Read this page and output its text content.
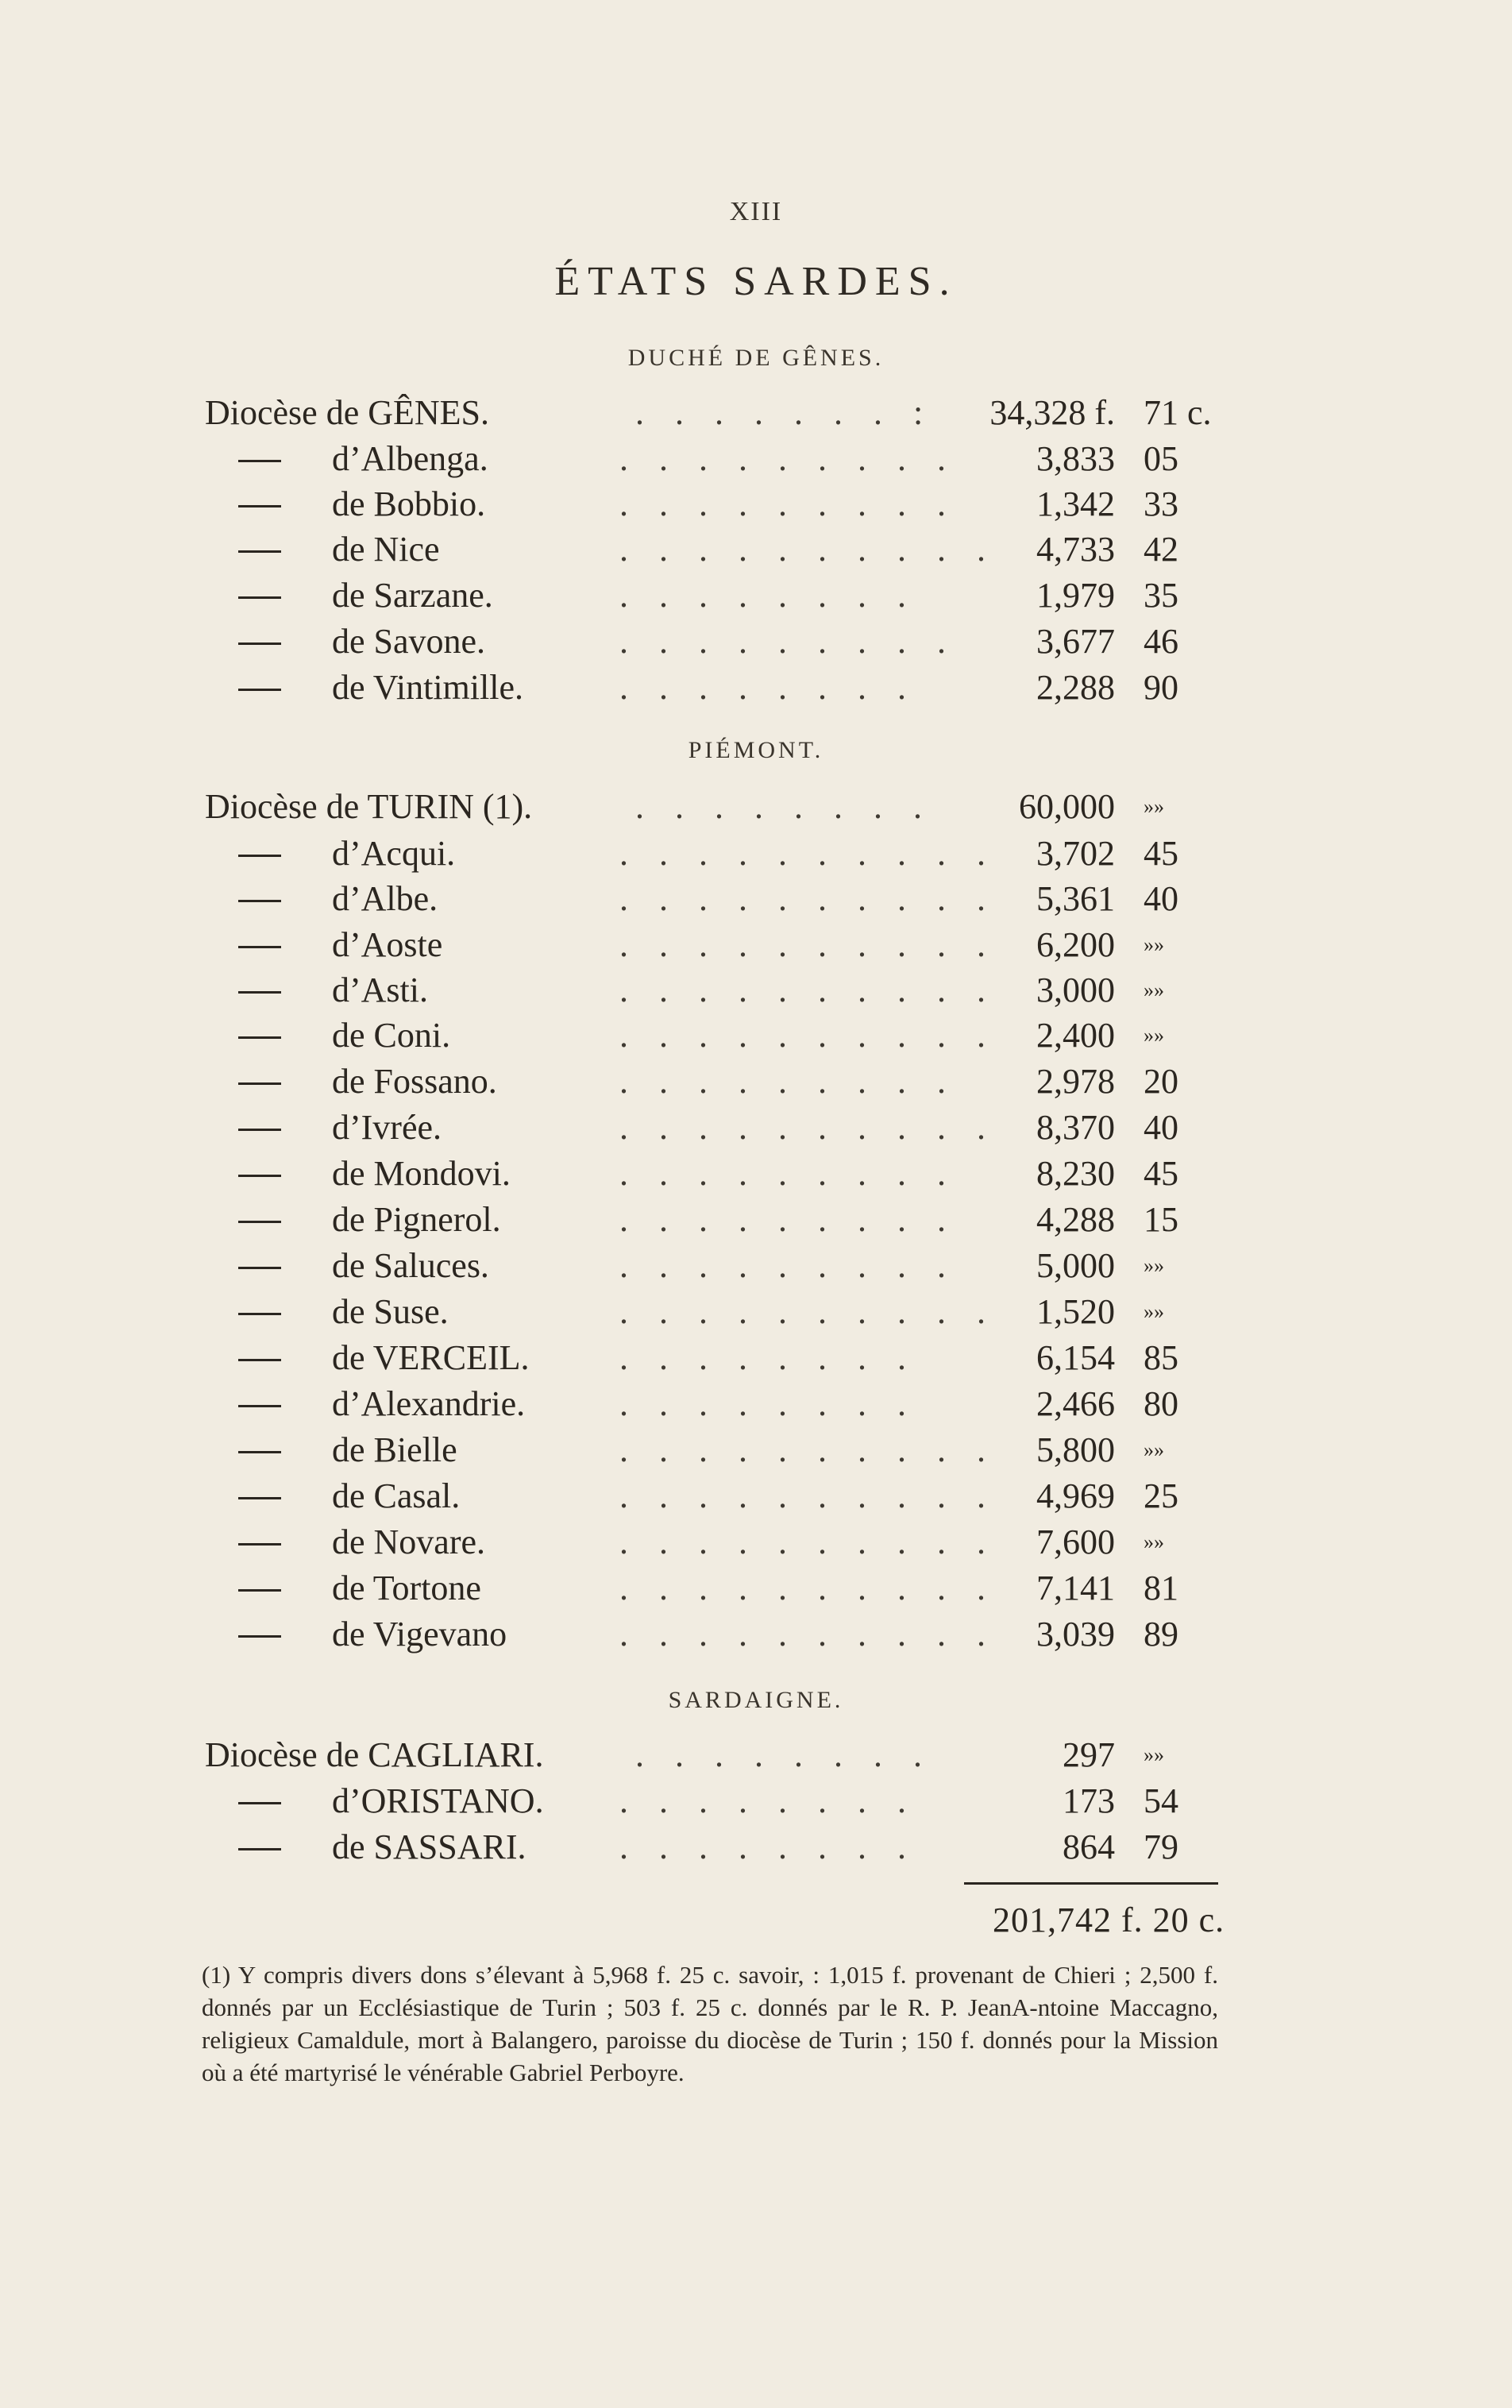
XIII
ÉTATS SARDES.
DUCHÉ DE GÊNES.
Diocèse de GÊNES.	. . . . . . . : 34,328 f. 71 c.
d’Albenga.	. . . . . . . . . 3,833 05
de Bobbio.	. . . . . . . . . 1,342 33
de Nice	. . . . . . . . . . 4,733 42
de Sarzane.	. . . . . . . .	1,979 35
de Savone.	. . . . . . . . . 3,677 46
de Vintimille.	. . . . . . . .	2,288 90
PIÉMONT.
Diocèse de TURIN (1).	. . . . . . . . 60,000 »»
d’Acqui.	. . . . . . . . . . 3,702 45
d’Albe.	. . . . . . . . . . 5,361 40
d’Aoste	. . . . . . . . . . 6,200 »»
d’Asti.	. . . . . . . . . . 3,000 »»
de Coni.	. . . . . . . . . . 2,400 »»
de Fossano.	. . . . . . . . . 2,978 20
d’Ivrée.	. . . . . . . . . . 8,370 40
de Mondovi.	. . . . . . . . . 8,230 45
de Pignerol.	. . . . . . . . . 4,288 15
de Saluces.	. . . . . . . . . 5,000 »»
de Suse.	. . . . . . . . . . 1,520 »»
de VERCEIL.	. . . . . . . .	6,154 85
d’Alexandrie.	. . . . . . . .	2,466 80
de Bielle	. . . . . . . . . . 5,800 »»
de Casal.	. . . . . . . . . . 4,969 25
de Novare.	. . . . . . . . . . 7,600 »»
de Tortone	. . . . . . . . . . 7,141 81
de Vigevano	. . . . . . . . . . 3,039 89
SARDAIGNE.
Diocèse de CAGLIARI.	. . . . . . . .	297 »»
d’ORISTANO. . . . . . . . .	173 54
de SASSARI.	. . . . . . . .	864 79
201,742 f. 20 c.

(1) Y compris divers dons s’élevant à 5,968 f. 25 c. savoir, : 1,015 f. provenant de Chieri ; 2,500 f. donnés par un Ecclésiastique de Turin ; 503 f. 25 c. donnés par le R. P. JeanA-ntoine Maccagno, religieux Camaldule, mort à Balangero, paroisse du diocèse de Turin ; 150 f. donnés pour la Mission où a été martyrisé le vénérable Gabriel Perboyre.
